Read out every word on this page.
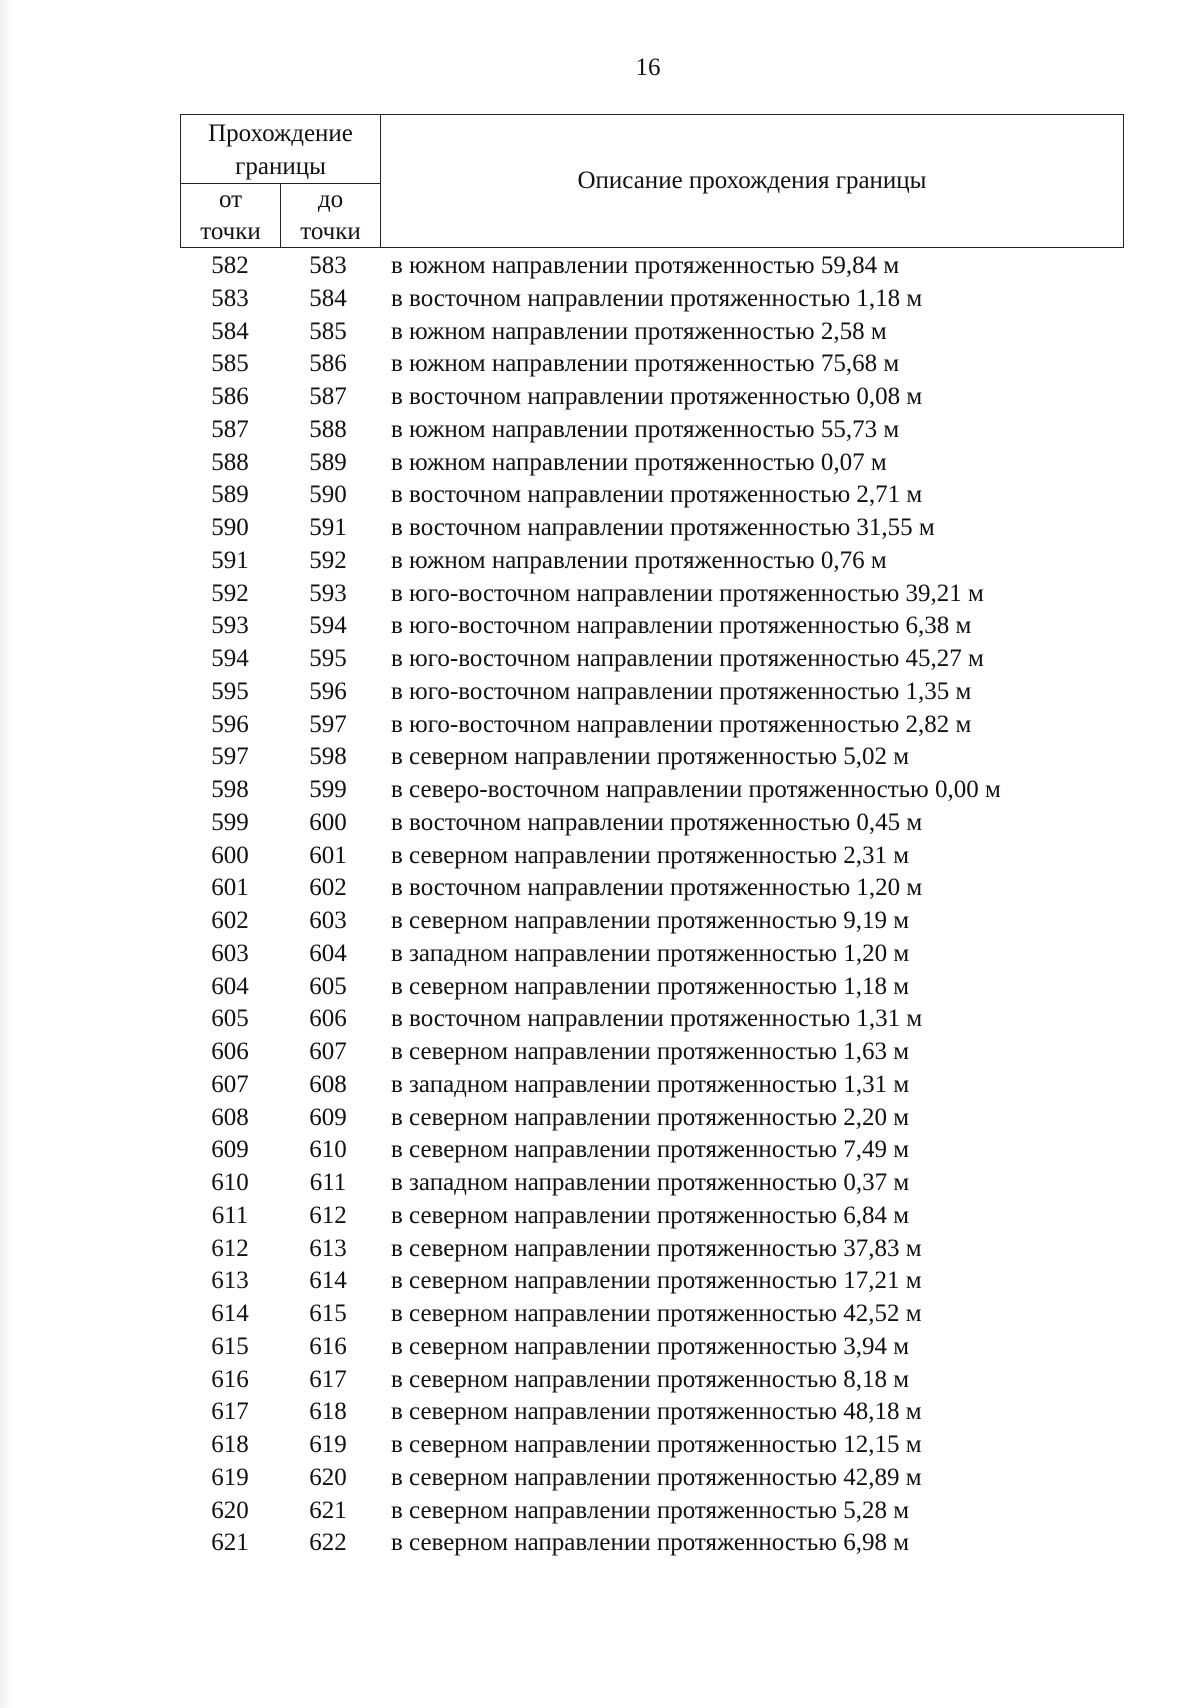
16
Прохождение
границы
от
точки
до
точки
Описание прохождения границы
582	583	в южном направлении протяженностью 59,84 м
583	584	в восточном направлении протяженностью 1,18 м
584	585	в южном направлении протяженностью 2,58 м
585	586	в южном направлении протяженностью 75,68 м
586	587	в восточном направлении протяженностью 0,08 м
587	588	в южном направлении протяженностью 55,73 м
588	589	в южном направлении протяженностью 0,07 м
589	590	в восточном направлении протяженностью 2,71 м
590	591	в восточном направлении протяженностью 31,55 м
591	592	в южном направлении протяженностью 0,76 м
592	593	в юго-восточном направлении протяженностью 39,21 м
593	594	в юго-восточном направлении протяженностью 6,38 м
594	595	в юго-восточном направлении протяженностью 45,27 м
595	596	в юго-восточном направлении протяженностью 1,35 м
596	597	в юго-восточном направлении протяженностью 2,82 м
597	598	в северном направлении протяженностью 5,02 м
598	599	в северо-восточном направлении протяженностью 0,00 м
599	600	в восточном направлении протяженностью 0,45 м
600	601	в северном направлении протяженностью 2,31 м
601	602	в восточном направлении протяженностью 1,20 м
602	603	в северном направлении протяженностью 9,19 м
603	604	в западном направлении протяженностью 1,20 м
604	605	в северном направлении протяженностью 1,18 м
605	606	в восточном направлении протяженностью 1,31 м
606	607	в северном направлении протяженностью 1,63 м
607	608	в западном направлении протяженностью 1,31 м
608	609	в северном направлении протяженностью 2,20 м
609	610	в северном направлении протяженностью 7,49 м
610	611	в западном направлении протяженностью 0,37 м
611	612	в северном направлении протяженностью 6,84 м
612	613	в северном направлении протяженностью 37,83 м
613	614	в северном направлении протяженностью 17,21 м
614	615	в северном направлении протяженностью 42,52 м
615	616	в северном направлении протяженностью 3,94 м
616	617	в северном направлении протяженностью 8,18 м
617	618	в северном направлении протяженностью 48,18 м
618	619	в северном направлении протяженностью 12,15 м
619	620	в северном направлении протяженностью 42,89 м
620	621	в северном направлении протяженностью 5,28 м
621	622	в северном направлении протяженностью 6,98 м
